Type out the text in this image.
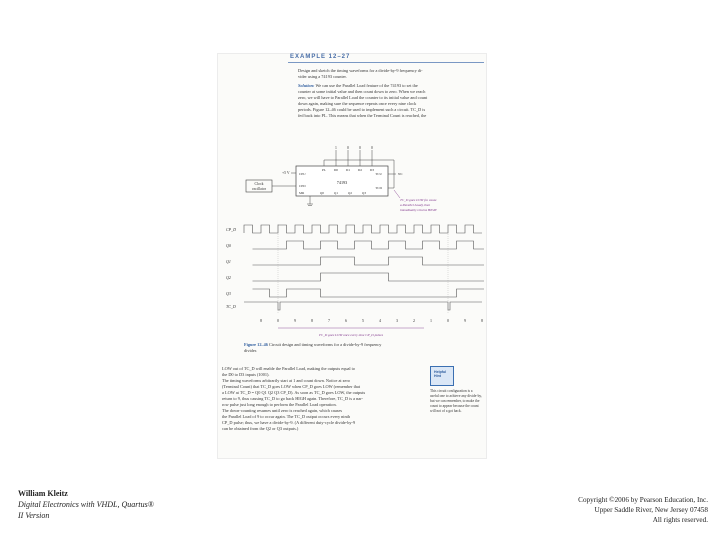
EXAMPLE 12–27
Design and sketch the timing waveforms for a divide-by-9 frequency di-
vider using a 74193 counter.
Solution: We can use the Parallel Load feature of the 74193 to set the
counter at some initial value and then count down to zero. When we reach
zero, we will have to Parallel Load the counter to its initial value and count
down again, making sure the sequence repeats once every nine clock
periods. Figure 12–46 could be used to implement such a circuit. TC_D is
fed back into PL. This means that when the Terminal Count is reached, the
Clock
oscillator
+5 V
74193
1	0	0	0
PL D0 D1 D2 D3
CPU
CPD
MR	Q0	Q1	Q2	Q3
TCU
TCD
NC
TC_D goes LOW (to cause
a Parallel Load), then
immediately returns HIGH
CP_D
Q0
Q1
Q2
Q3
TC_D
8	0	9	8	7	6	5	4	3	2	1	0	9	8
TC_D goes LOW once every nine CP_D pulses
Figure 12–46 Circuit design and timing waveforms for a divide-by-9 frequency
divider.
LOW out of TC_D will enable the Parallel Load, making the outputs equal to
the D0 to D3 inputs (1001).
The timing waveforms arbitrarily start at 1 and count down. Notice at zero
(Terminal Count) that TC_D goes LOW when CP_D goes LOW (remember that
a LOW at TC_D = Q0 Q1 Q2 Q3 CP_D). As soon as TC_D goes LOW, the outputs
return to 9, thus causing TC_D to go back HIGH again. Therefore, TC_D is a nar-
row pulse just long enough to perform the Parallel Load operation.
The down-counting resumes until zero is reached again, which causes
the Parallel Load of 9 to occur again. The TC_D output occurs every ninth
CP_D pulse; thus, we have a divide-by-9. (A different duty-cycle divide-by-9
can be obtained from the Q2 or Q3 outputs.)
Helpful
Hint
This circuit configuration is a useful one to achieve any divide-by, but we can remember, to make the count to appear because the count will not of a got back.
William Kleitz
Digital Electronics with VHDL, Quartus®
II Version
Copyright ©2006 by Pearson Education, Inc.
Upper Saddle River, New Jersey 07458
All rights reserved.
